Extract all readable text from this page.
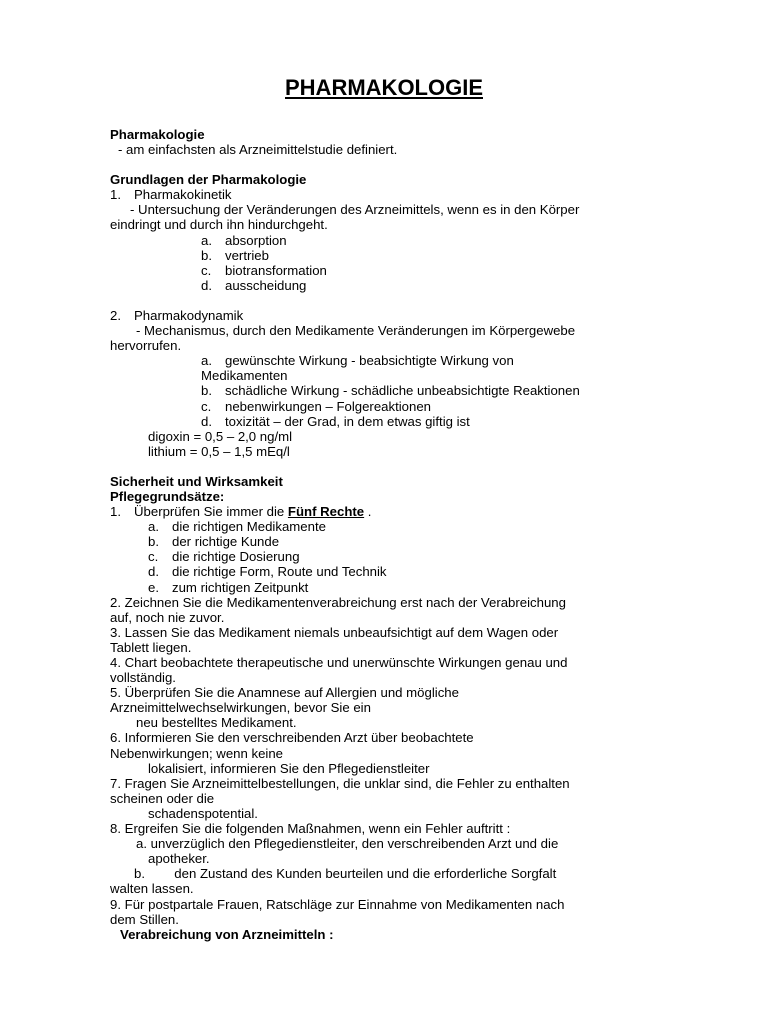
PHARMAKOLOGIE
Pharmakologie
- am einfachsten als Arzneimittelstudie definiert.
Grundlagen der Pharmakologie
1. Pharmakokinetik
- Untersuchung der Veränderungen des Arzneimittels, wenn es in den Körper
eindringt und durch ihn hindurchgeht.
a. absorption
b. vertrieb
c. biotransformation
d. ausscheidung
2. Pharmakodynamik
- Mechanismus, durch den Medikamente Veränderungen im Körpergewebe
hervorrufen.
a. gewünschte Wirkung - beabsichtigte Wirkung von
Medikamenten
b. schädliche Wirkung - schädliche unbeabsichtigte Reaktionen
c. nebenwirkungen – Folgereaktionen
d. toxizität – der Grad, in dem etwas giftig ist
digoxin = 0,5 – 2,0 ng/ml
lithium = 0,5 – 1,5 mEq/l
Sicherheit und Wirksamkeit
Pflegegrundsätze:
1. Überprüfen Sie immer die Fünf Rechte .
a. die richtigen Medikamente
b. der richtige Kunde
c. die richtige Dosierung
d. die richtige Form, Route und Technik
e. zum richtigen Zeitpunkt
2. Zeichnen Sie die Medikamentenverabreichung erst nach der Verabreichung
auf, noch nie zuvor.
3. Lassen Sie das Medikament niemals unbeaufsichtigt auf dem Wagen oder
Tablett liegen.
4. Chart beobachtete therapeutische und unerwünschte Wirkungen genau und
vollständig.
5. Überprüfen Sie die Anamnese auf Allergien und mögliche
Arzneimittelwechselwirkungen, bevor Sie ein
neu bestelltes Medikament.
6. Informieren Sie den verschreibenden Arzt über beobachtete
Nebenwirkungen; wenn keine
lokalisiert, informieren Sie den Pflegedienstleiter
7. Fragen Sie Arzneimittelbestellungen, die unklar sind, die Fehler zu enthalten
scheinen oder die
schadenspotential.
8. Ergreifen Sie die folgenden Maßnahmen, wenn ein Fehler auftritt :
a. unverzüglich den Pflegedienstleiter, den verschreibenden Arzt und die
apotheker.
b.        den Zustand des Kunden beurteilen und die erforderliche Sorgfalt
walten lassen.
9. Für postpartale Frauen, Ratschläge zur Einnahme von Medikamenten nach
dem Stillen.
Verabreichung von Arzneimitteln :
